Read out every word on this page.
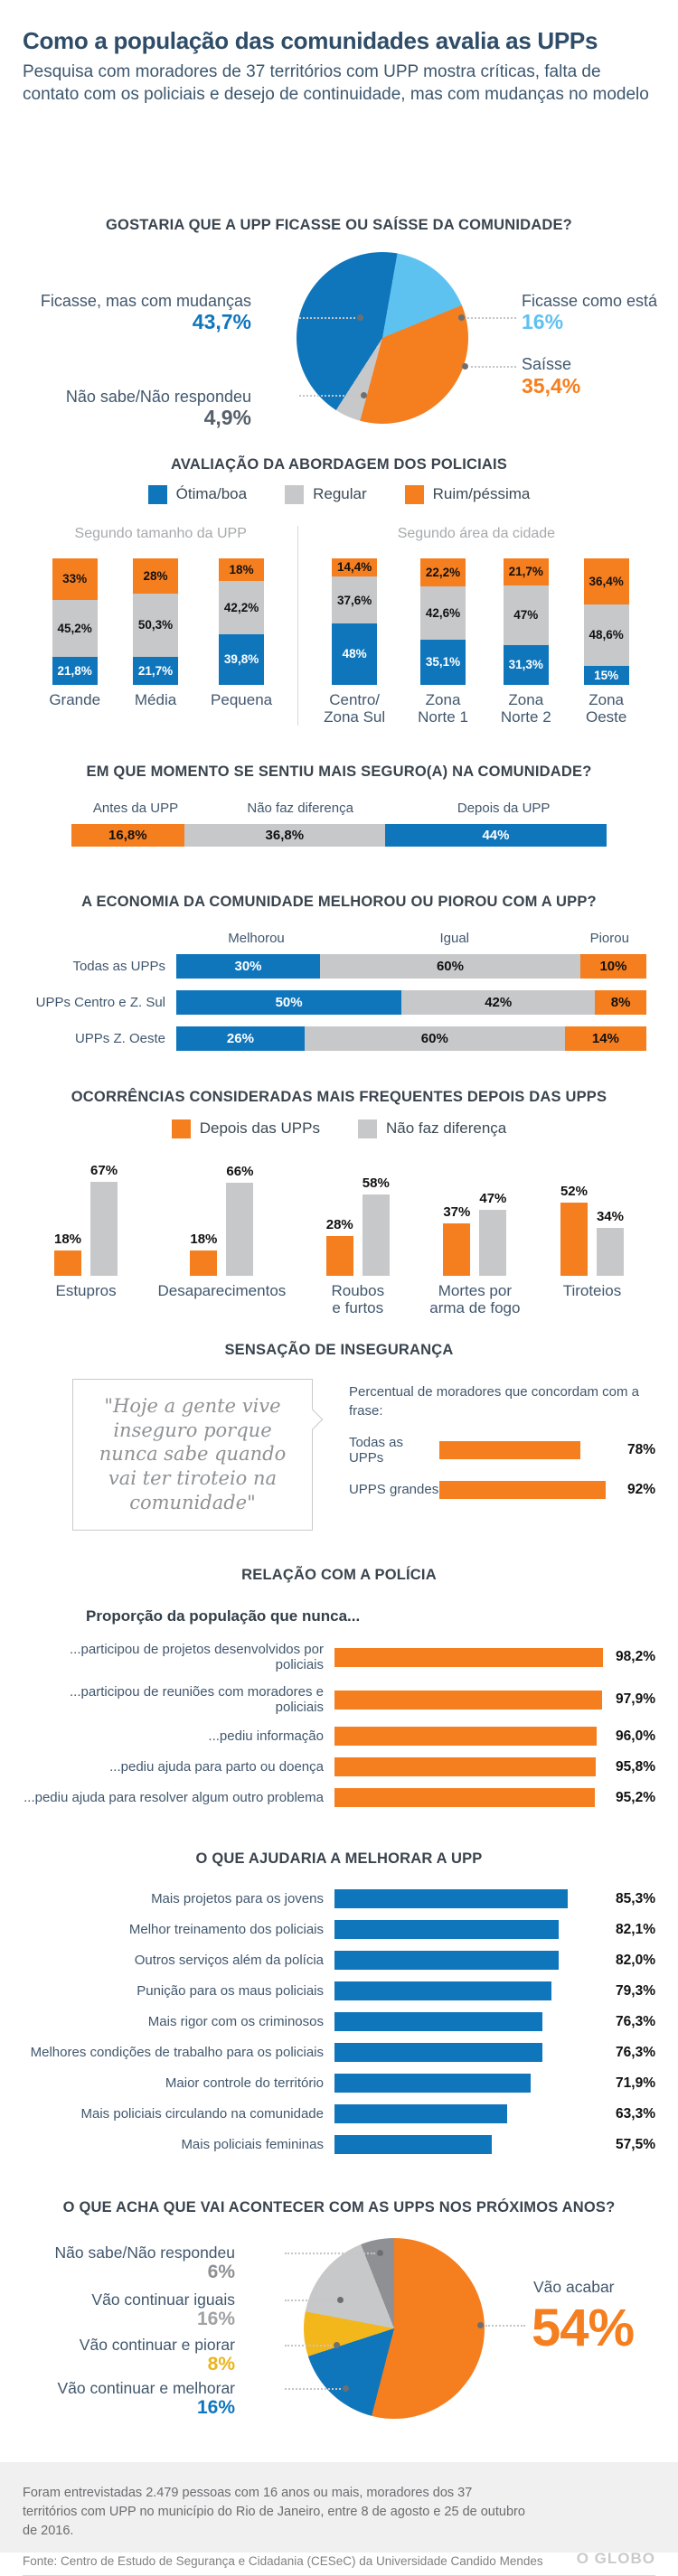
Como a população das comunidades avalia as UPPs
Pesquisa com moradores de 37 territórios com UPP mostra críticas, falta de contato com os policiais e desejo de continuidade, mas com mudanças no modelo
GOSTARIA QUE A UPP FICASSE OU SAÍSSE DA COMUNIDADE?
Ficasse, mas com mudanças
43,7%
Ficasse como está
16%
Saísse
35,4%
Não sabe/Não respondeu
4,9%
AVALIAÇÃO DA ABORDAGEM DOS POLICIAIS
Ótima/boa	Regular	Ruim/péssima
Segundo tamanho da UPP
21,8%
45,2%
33%
Grande
21,7%
50,3%
28%
Média
39,8%
42,2%
18%
Pequena
Segundo área da cidade
48%
37,6%
14,4%
Centro/
Zona Sul
35,1%
42,6%
22,2%
Zona
Norte 1
31,3%
47%
21,7%
Zona
Norte 2
15%
48,6%
36,4%
Zona
Oeste
EM QUE MOMENTO SE SENTIU MAIS SEGURO(A) NA COMUNIDADE?
Antes da UPP	Não faz diferença	Depois da UPP
16,8%	36,8%	44%
A ECONOMIA DA COMUNIDADE MELHOROU OU PIOROU COM A UPP?
Melhorou	Igual	Piorou
Todas as UPPs	30%	60%	10%
UPPs Centro e Z. Sul	50%	42%	8%
UPPs Z. Oeste	26%	60%	14%
OCORRÊNCIAS CONSIDERADAS MAIS FREQUENTES DEPOIS DAS UPPS
Depois das UPPs	Não faz diferença
18%
67%
Estupros
18%
66%
Desaparecimentos
28%
58%
Roubos
e furtos
37%
47%
Mortes por
arma de fogo
52%
34%
Tiroteios
SENSAÇÃO DE INSEGURANÇA
"Hoje a gente vive inseguro porque nunca sabe quando vai ter tiroteio na comunidade"
Percentual de moradores que concordam com a frase:
Todas as UPPs
78%
UPPS grandes	92%
RELAÇÃO COM A POLÍCIA
Proporção da população que nunca...
...participou de projetos desenvolvidos por policiais
98,2%
...participou de reuniões com moradores e policiais
97,9%
...pediu informação	96,0%
...pediu ajuda para parto ou doença	95,8%
...pediu ajuda para resolver algum outro problema	95,2%
O QUE AJUDARIA A MELHORAR A UPP
Mais projetos para os jovens	85,3%
Melhor treinamento dos policiais	82,1%
Outros serviços além da polícia	82,0%
Punição para os maus policiais	79,3%
Mais rigor com os criminosos	76,3%
Melhores condições de trabalho para os policiais	76,3%
Maior controle do território	71,9%
Mais policiais circulando na comunidade	63,3%
Mais policiais femininas	57,5%
O QUE ACHA QUE VAI ACONTECER COM AS UPPS NOS PRÓXIMOS ANOS?
Não sabe/Não respondeu
6%
Vão continuar iguais
16%
Vão continuar e piorar
8%
Vão continuar e melhorar
16%
Vão acabar
54%
Foram entrevistadas 2.479 pessoas com 16 anos ou mais, moradores dos 37 territórios com UPP no município do Rio de Janeiro, entre 8 de agosto e 25 de outubro de 2016.
Fonte: Centro de Estudo de Segurança e Cidadania (CESeC) da Universidade Candido Mendes O GLOBO
